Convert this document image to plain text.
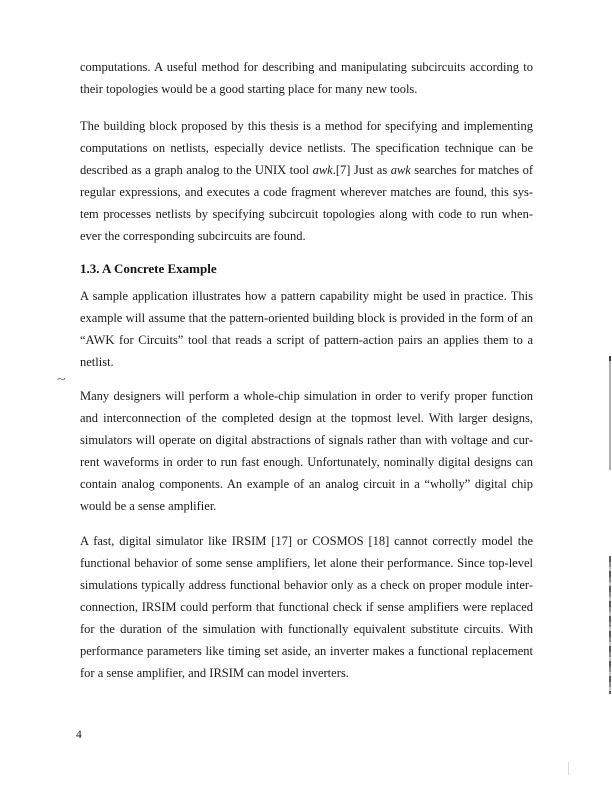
computations. A useful method for describing and manipulating subcircuits according to
their topologies would be a good starting place for many new tools.
The building block proposed by this thesis is a method for specifying and implementing
computations on netlists, especially device netlists. The specification technique can be
described as a graph analog to the UNIX tool awk.[7] Just as awk searches for matches of
regular expressions, and executes a code fragment wherever matches are found, this sys-
tem processes netlists by specifying subcircuit topologies along with code to run when-
ever the corresponding subcircuits are found.
1.3. A Concrete Example
A sample application illustrates how a pattern capability might be used in practice. This
example will assume that the pattern-oriented building block is provided in the form of an
“AWK for Circuits” tool that reads a script of pattern-action pairs an applies them to a
netlist.
Many designers will perform a whole-chip simulation in order to verify proper function
and interconnection of the completed design at the topmost level. With larger designs,
simulators will operate on digital abstractions of signals rather than with voltage and cur-
rent waveforms in order to run fast enough. Unfortunately, nominally digital designs can
contain analog components. An example of an analog circuit in a “wholly” digital chip
would be a sense amplifier.
A fast, digital simulator like IRSIM [17] or COSMOS [18] cannot correctly model the
functional behavior of some sense amplifiers, let alone their performance. Since top-level
simulations typically address functional behavior only as a check on proper module inter-
connection, IRSIM could perform that functional check if sense amplifiers were replaced
for the duration of the simulation with functionally equivalent substitute circuits. With
performance parameters like timing set aside, an inverter makes a functional replacement
for a sense amplifier, and IRSIM can model inverters.
~
4
